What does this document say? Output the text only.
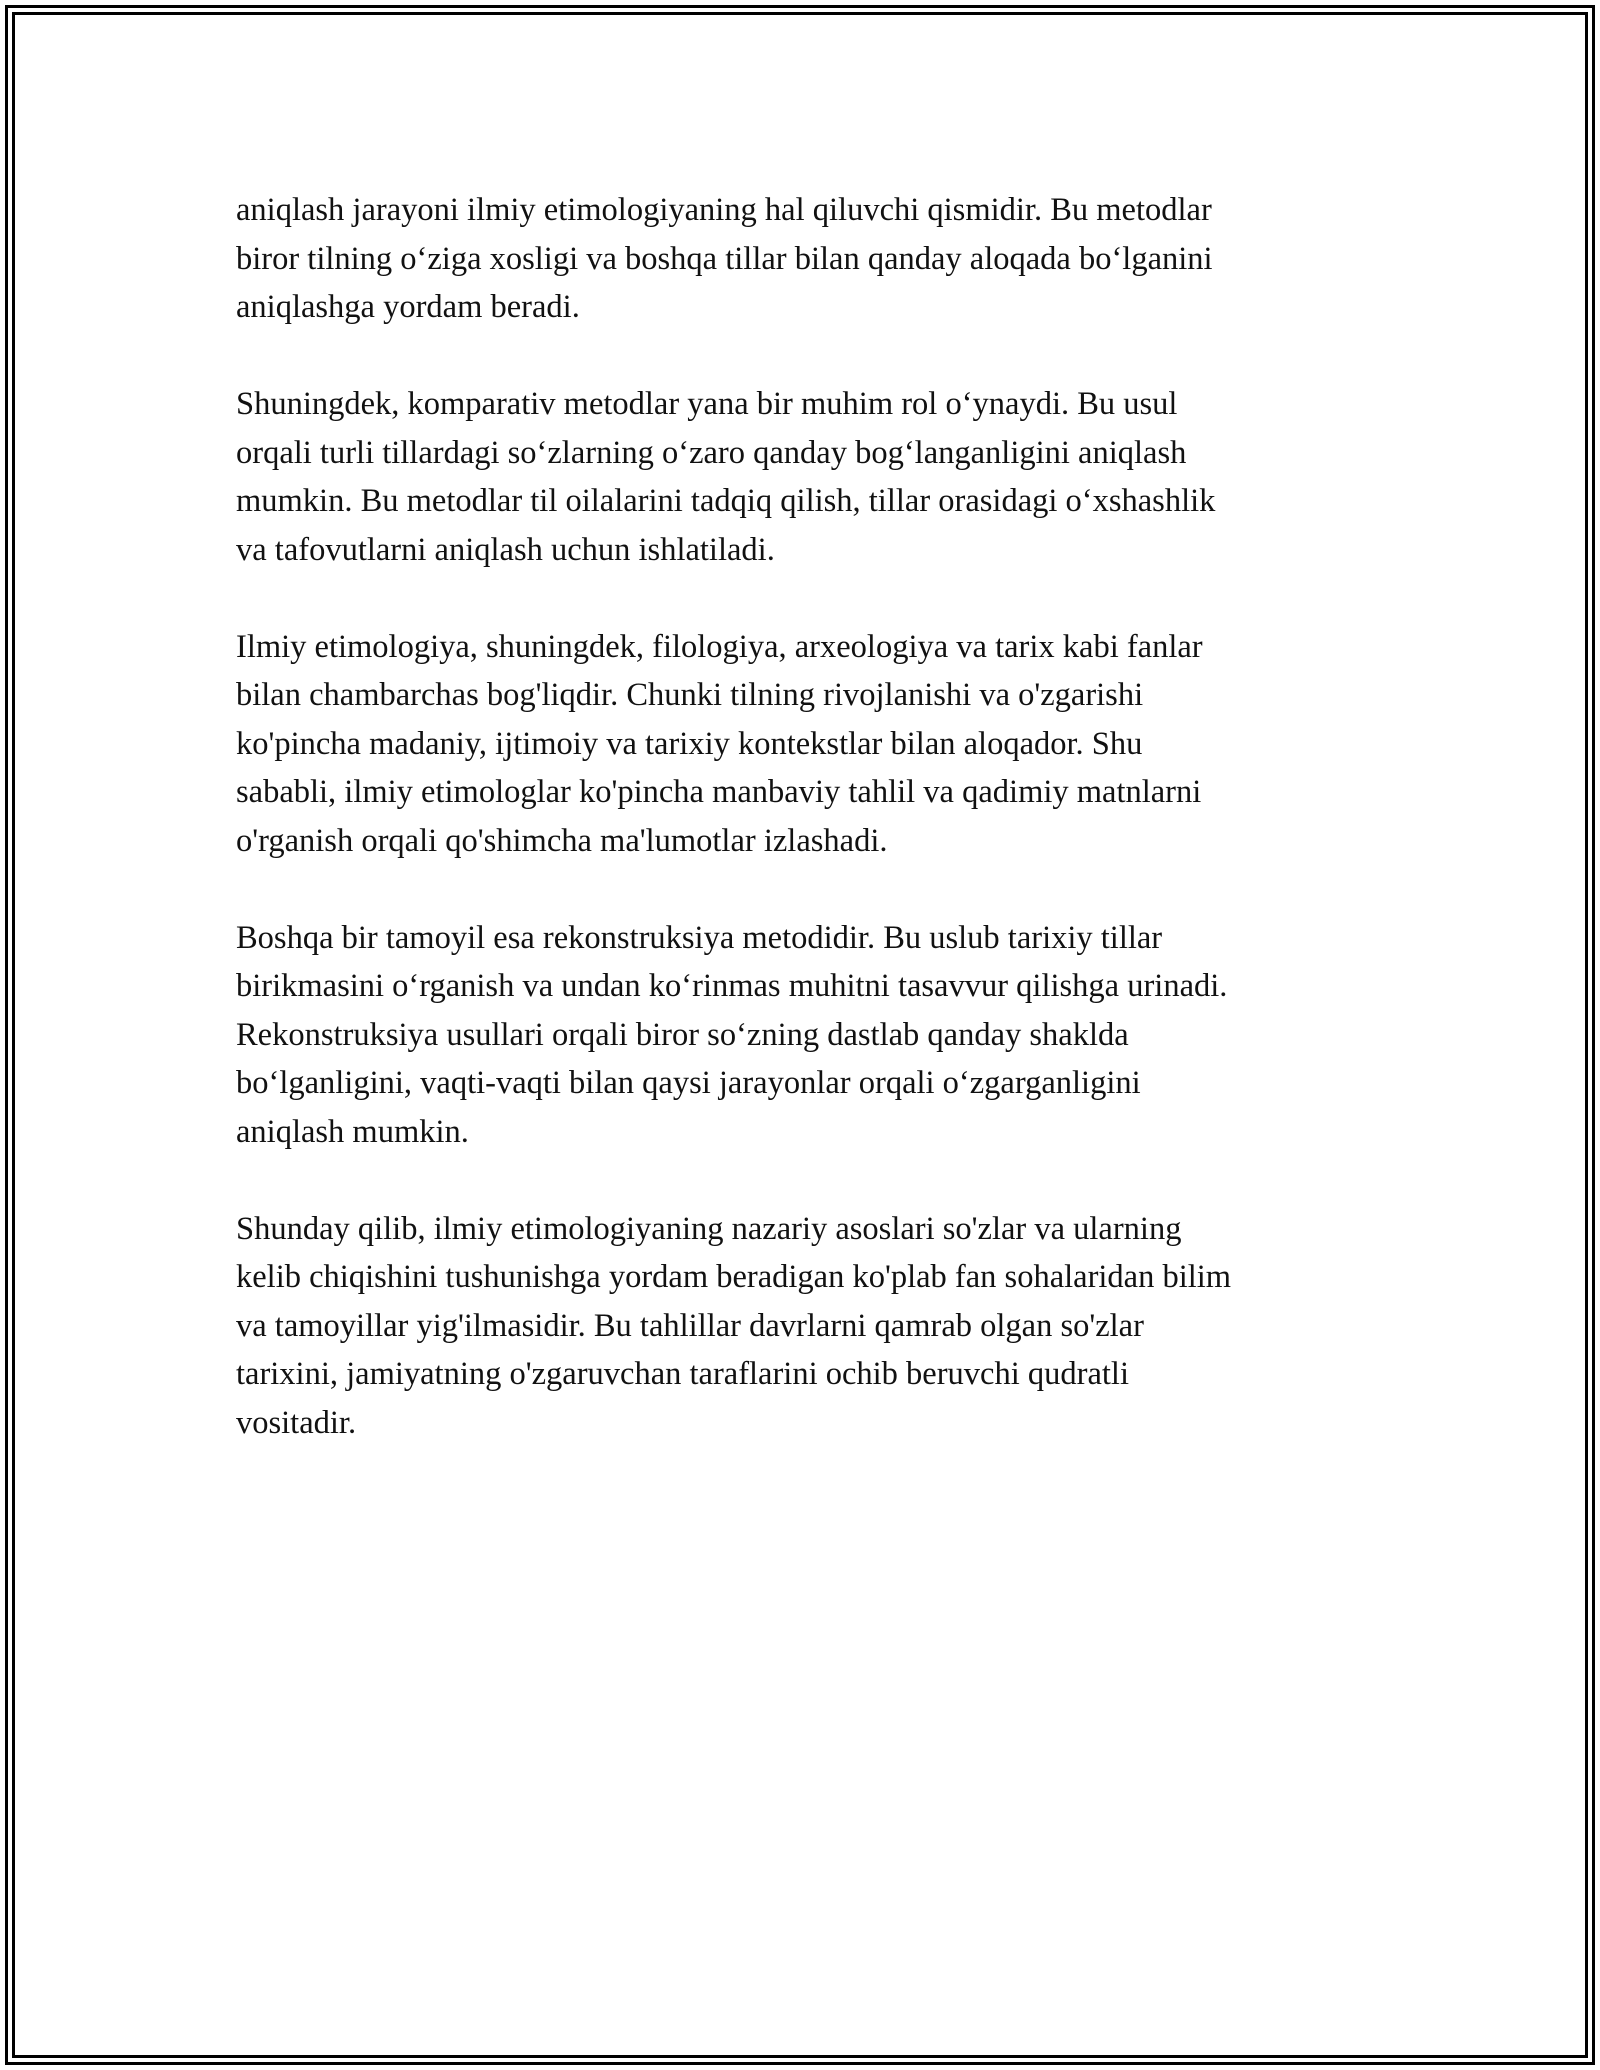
aniqlash jarayoni ilmiy etimologiyaning hal qiluvchi qismidir. Bu metodlar
biror tilning o‘ziga xosligi va boshqa tillar bilan qanday aloqada bo‘lganini
aniqlashga yordam beradi.

Shuningdek, komparativ metodlar yana bir muhim rol o‘ynaydi. Bu usul
orqali turli tillardagi so‘zlarning o‘zaro qanday bog‘langanligini aniqlash
mumkin. Bu metodlar til oilalarini tadqiq qilish, tillar orasidagi o‘xshashlik
va tafovutlarni aniqlash uchun ishlatiladi.

Ilmiy etimologiya, shuningdek, filologiya, arxeologiya va tarix kabi fanlar
bilan chambarchas bog'liqdir. Chunki tilning rivojlanishi va o'zgarishi
ko'pincha madaniy, ijtimoiy va tarixiy kontekstlar bilan aloqador. Shu
sababli, ilmiy etimologlar ko'pincha manbaviy tahlil va qadimiy matnlarni
o'rganish orqali qo'shimcha ma'lumotlar izlashadi.

Boshqa bir tamoyil esa rekonstruksiya metodidir. Bu uslub tarixiy tillar
birikmasini o‘rganish va undan ko‘rinmas muhitni tasavvur qilishga urinadi.
Rekonstruksiya usullari orqali biror so‘zning dastlab qanday shaklda
bo‘lganligini, vaqti-vaqti bilan qaysi jarayonlar orqali o‘zgarganligini
aniqlash mumkin.

Shunday qilib, ilmiy etimologiyaning nazariy asoslari so'zlar va ularning
kelib chiqishini tushunishga yordam beradigan ko'plab fan sohalaridan bilim
va tamoyillar yig'ilmasidir. Bu tahlillar davrlarni qamrab olgan so'zlar
tarixini, jamiyatning o'zgaruvchan taraflarini ochib beruvchi qudratli
vositadir.
